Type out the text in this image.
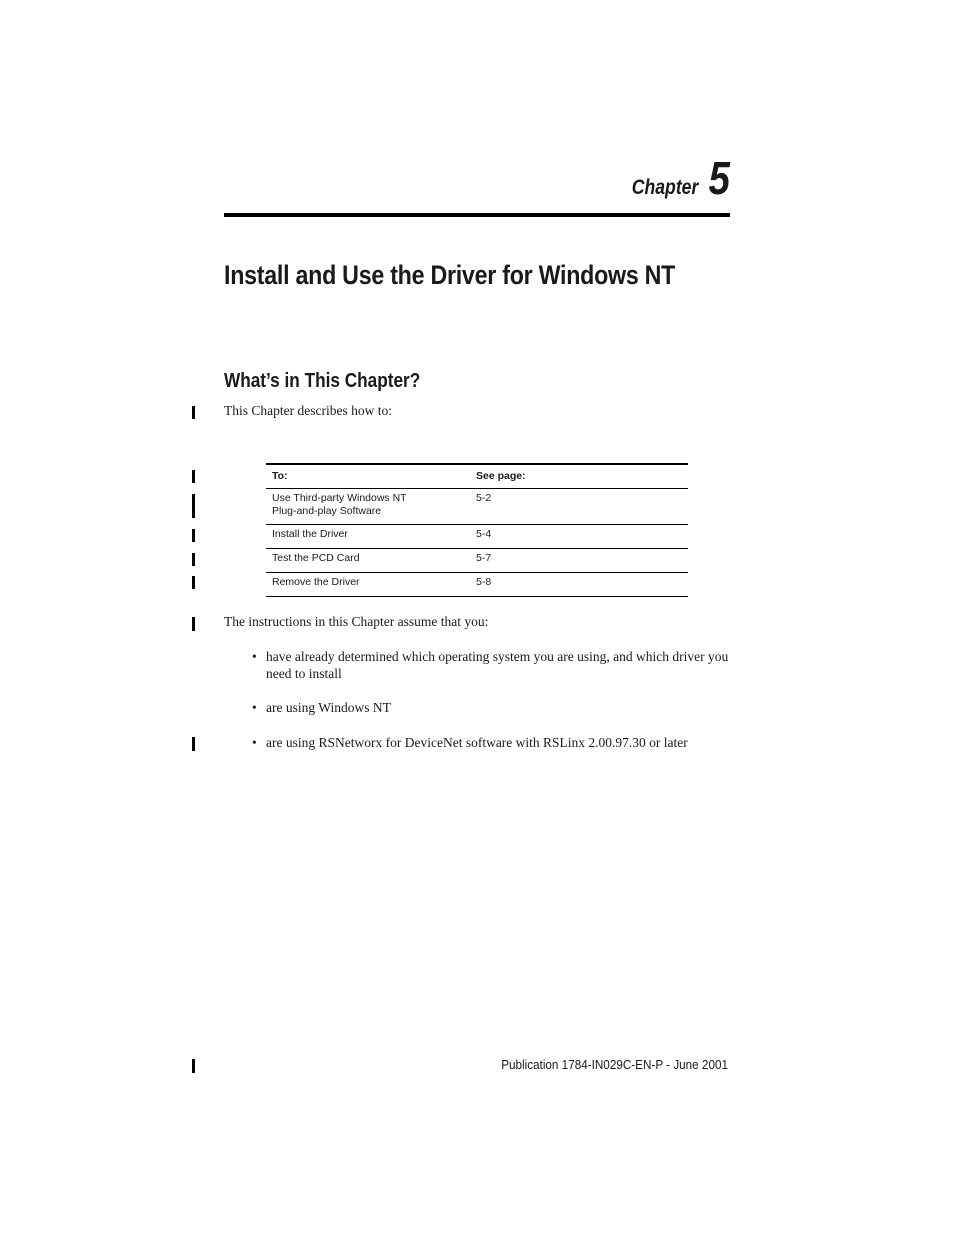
Chapter 5
Install and Use the Driver for Windows NT
What’s in This Chapter?
This Chapter describes how to:
To:	See page:

Use Third-party Windows NT
Plug-and-play Software	5-2
Install the Driver	5-4
Test the PCD Card	5-7
Remove the Driver	5-8
The instructions in this Chapter assume that you:
• have already determined which operating system you are using, and which driver you need to install
• are using Windows NT
• are using RSNetworx for DeviceNet software with RSLinx 2.00.97.30 or later
Publication 1784-IN029C-EN-P - June 2001
